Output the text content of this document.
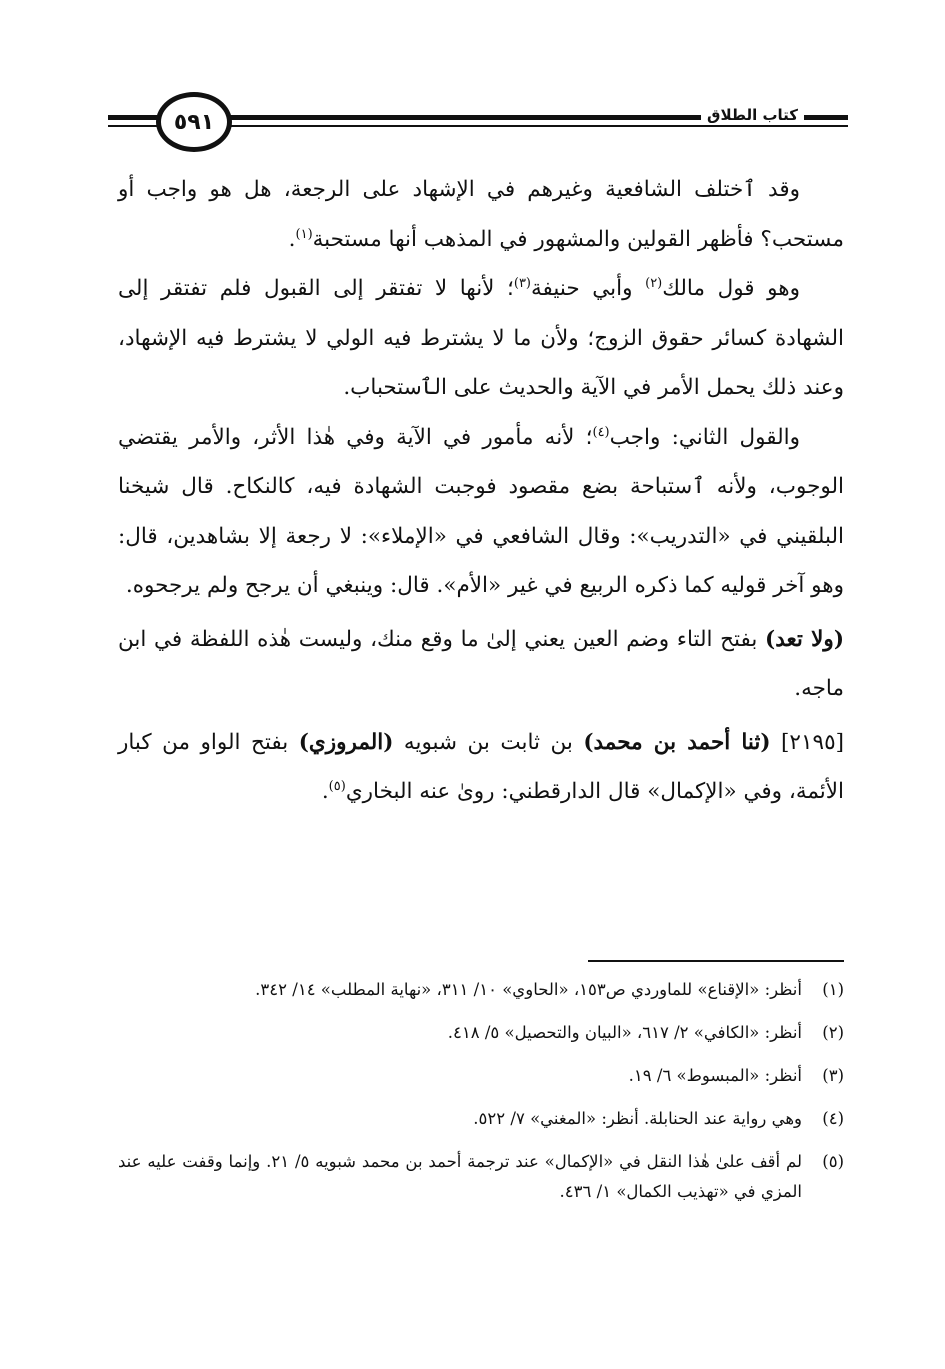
٥٩١	كتاب الطلاق

وقد ٱختلف الشافعية وغيرهم في الإشهاد على الرجعة، هل هو واجب أو مستحب؟ فأظهر القولين والمشهور في المذهب أنها مستحبة$^{(١)}$.

وهو قول مالك$^{(٢)}$ وأبي حنيفة$^{(٣)}$؛ لأنها لا تفتقر إلى القبول فلم تفتقر إلى الشهادة كسائر حقوق الزوج؛ ولأن ما لا يشترط فيه الولي لا يشترط فيه الإشهاد، وعند ذلك يحمل الأمر في الآية والحديث على الٱستحباب.

والقول الثاني: واجب$^{(٤)}$؛ لأنه مأمور في الآية وفي هٰذا الأثر، والأمر يقتضي الوجوب، ولأنه ٱستباحة بضع مقصود فوجبت الشهادة فيه، كالنكاح. قال شيخنا البلقيني في «التدريب»: وقال الشافعي في «الإملاء»: لا رجعة إلا بشاهدين، قال: وهو آخر قوليه كما ذكره الربيع في غير «الأم». قال: وينبغي أن يرجح ولم يرجحوه.

(ولا تعد) بفتح التاء وضم العين يعني إلىٰ ما وقع منك، وليست هٰذه اللفظة في ابن ماجه.

[٢١٩٥] (ثنا أحمد بن محمد) بن ثابت بن شبويه (المروزي) بفتح الواو من كبار الأئمة، وفي «الإكمال» قال الدارقطني: روىٰ عنه البخاري$^{(٥)}$.

(١)
أنظر: «الإقناع» للماوردي ص١٥٣، «الحاوي» ١٠/ ٣١١، «نهاية المطلب» ١٤/ ٣٤٢.
(٢)
أنظر: «الكافي» ٢/ ٦١٧، «البيان والتحصيل» ٥/ ٤١٨.
(٣)
أنظر: «المبسوط» ٦/ ١٩.
(٤)
وهي رواية عند الحنابلة. أنظر: «المغني» ٧/ ٥٢٢.
(٥)
لم أقف علىٰ هٰذا النقل في «الإكمال» عند ترجمة أحمد بن محمد شبويه ٥/ ٢١. وإنما وقفت عليه عند المزي في «تهذيب الكمال» ١/ ٤٣٦.
